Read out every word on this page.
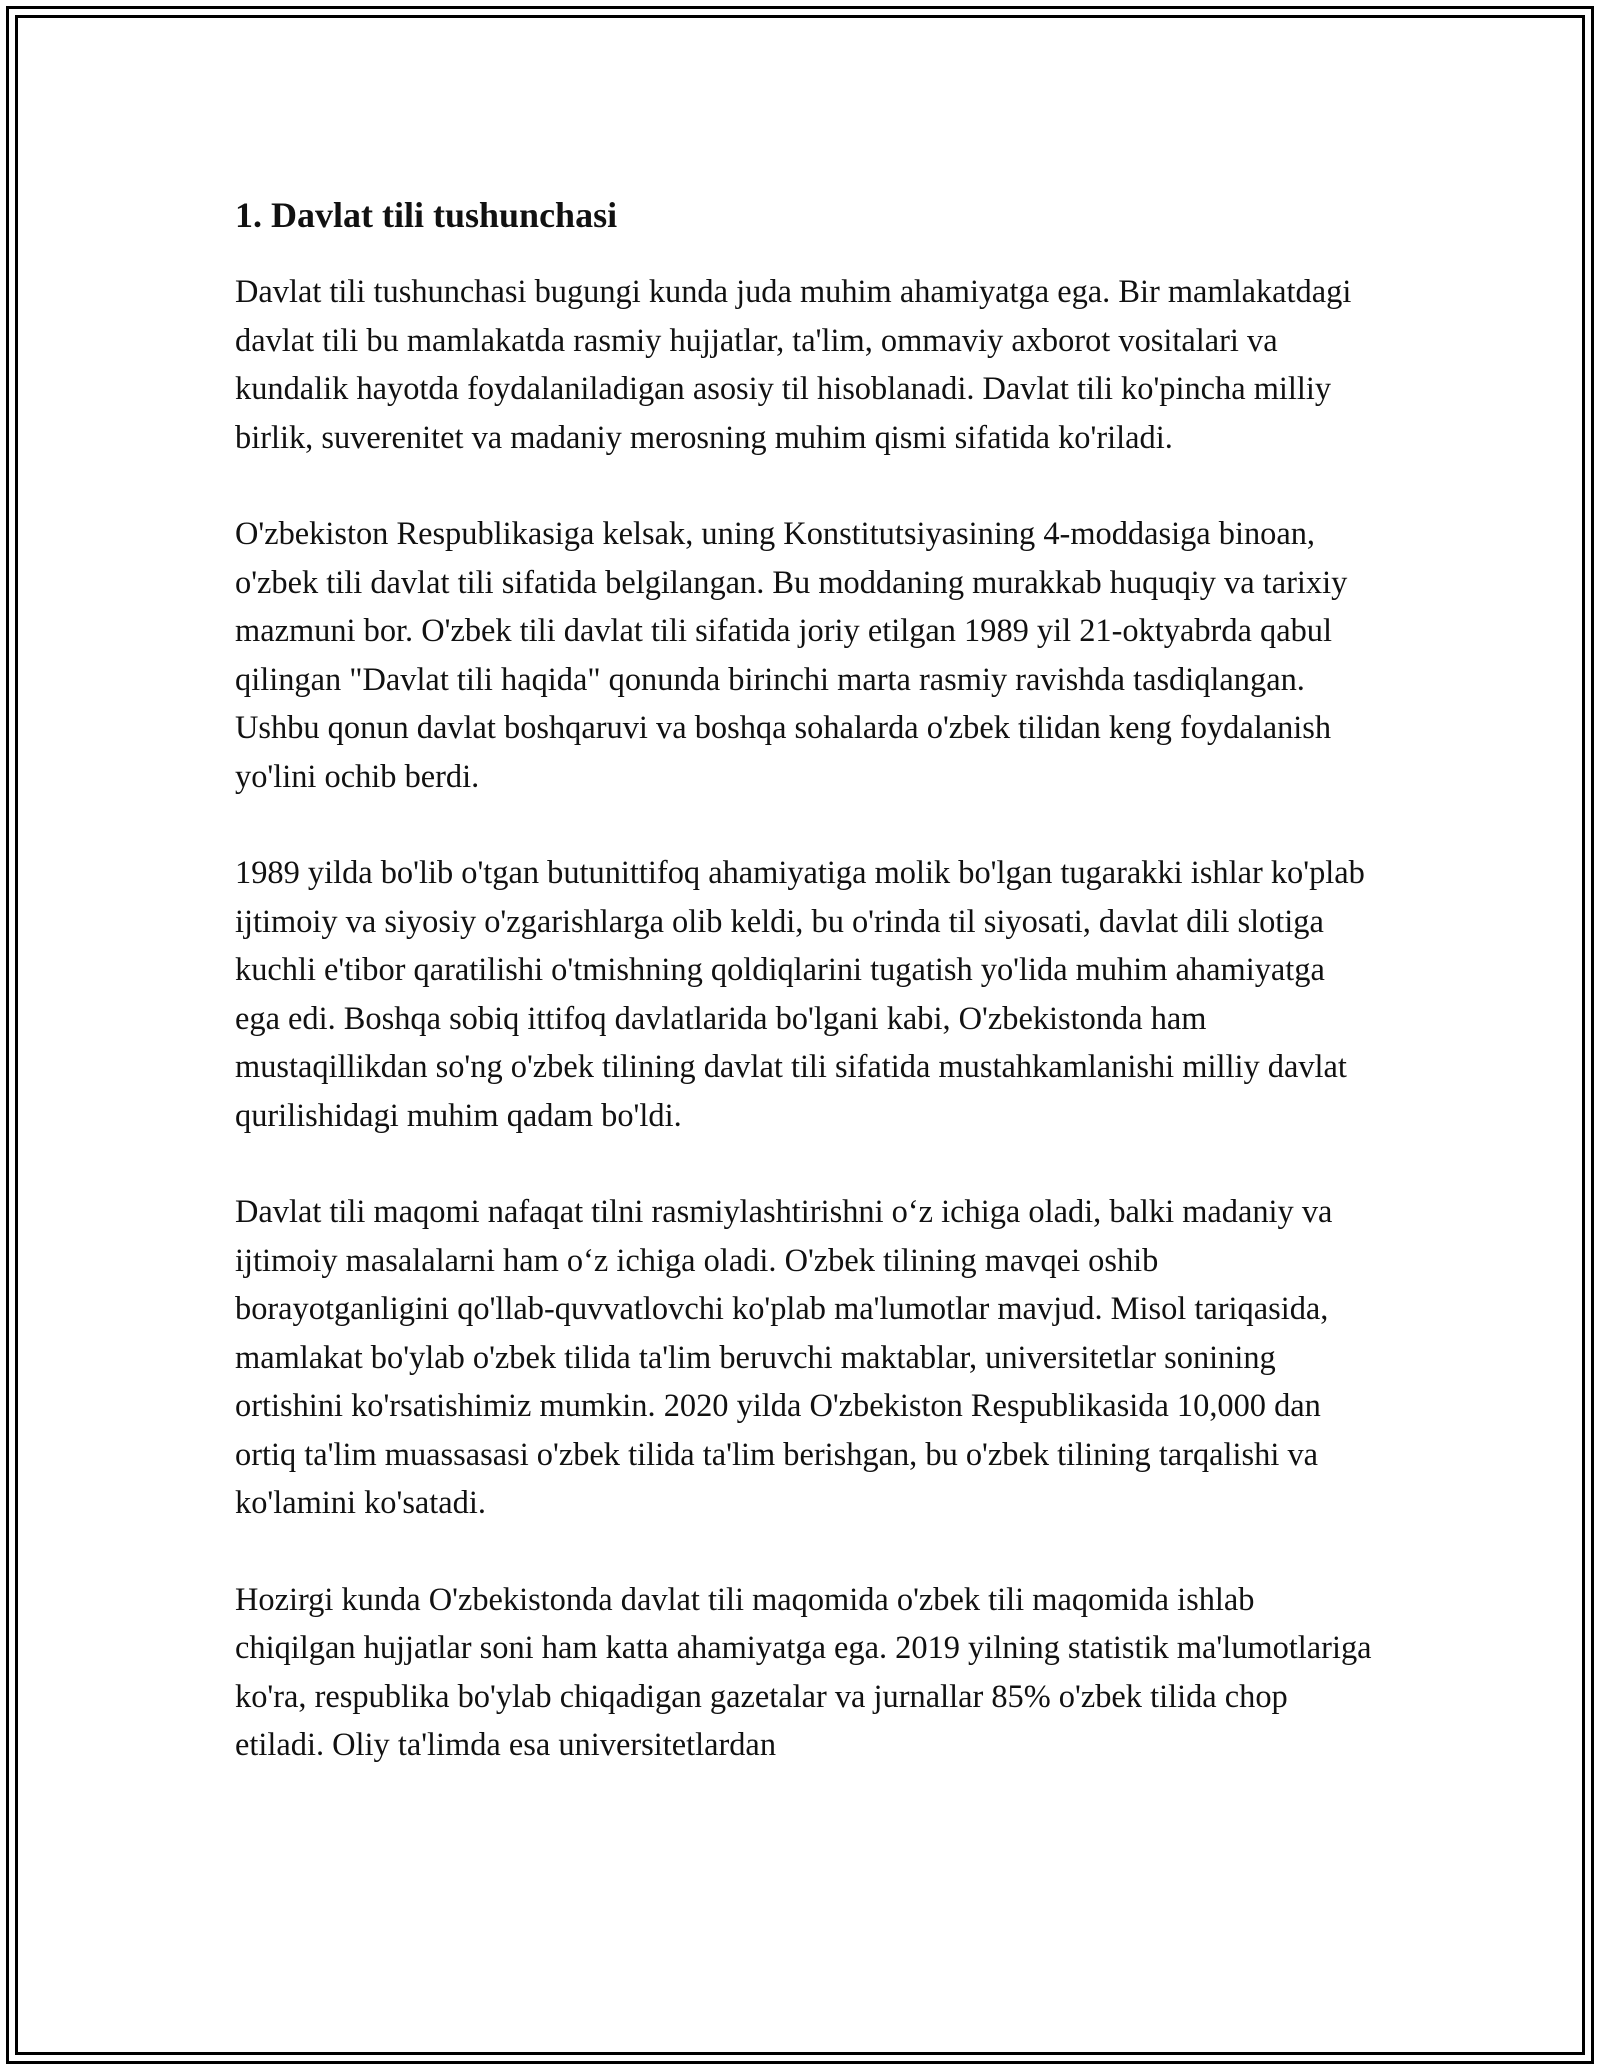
1. Davlat tili tushunchasi

Davlat tili tushunchasi bugungi kunda juda muhim ahamiyatga ega. Bir mamlakatdagi davlat tili bu mamlakatda rasmiy hujjatlar, ta'lim, ommaviy axborot vositalari va kundalik hayotda foydalaniladigan asosiy til hisoblanadi. Davlat tili ko'pincha milliy birlik, suverenitet va madaniy merosning muhim qismi sifatida ko'riladi.

O'zbekiston Respublikasiga kelsak, uning Konstitutsiyasining 4-moddasiga binoan, o'zbek tili davlat tili sifatida belgilangan. Bu moddaning murakkab huquqiy va tarixiy mazmuni bor. O'zbek tili davlat tili sifatida joriy etilgan 1989 yil 21-oktyabrda qabul qilingan "Davlat tili haqida" qonunda birinchi marta rasmiy ravishda tasdiqlangan. Ushbu qonun davlat boshqaruvi va boshqa sohalarda o'zbek tilidan keng foydalanish yo'lini ochib berdi.

1989 yilda bo'lib o'tgan butunittifoq ahamiyatiga molik bo'lgan tugarakki ishlar ko'plab ijtimoiy va siyosiy o'zgarishlarga olib keldi, bu o'rinda til siyosati, davlat dili slotiga kuchli e'tibor qaratilishi o'tmishning qoldiqlarini tugatish yo'lida muhim ahamiyatga ega edi. Boshqa sobiq ittifoq davlatlarida bo'lgani kabi, O'zbekistonda ham mustaqillikdan so'ng o'zbek tilining davlat tili sifatida mustahkamlanishi milliy davlat qurilishidagi muhim qadam bo'ldi.

Davlat tili maqomi nafaqat tilni rasmiylashtirishni o‘z ichiga oladi, balki madaniy va ijtimoiy masalalarni ham o‘z ichiga oladi. O'zbek tilining mavqei oshib borayotganligini qo'llab-quvvatlovchi ko'plab ma'lumotlar mavjud. Misol tariqasida, mamlakat bo'ylab o'zbek tilida ta'lim beruvchi maktablar, universitetlar sonining ortishini ko'rsatishimiz mumkin. 2020 yilda O'zbekiston Respublikasida 10,000 dan ortiq ta'lim muassasasi o'zbek tilida ta'lim berishgan, bu o'zbek tilining tarqalishi va ko'lamini ko'satadi.

Hozirgi kunda O'zbekistonda davlat tili maqomida o'zbek tili maqomida ishlab chiqilgan hujjatlar soni ham katta ahamiyatga ega. 2019 yilning statistik ma'lumotlariga ko'ra, respublika bo'ylab chiqadigan gazetalar va jurnallar 85% o'zbek tilida chop etiladi. Oliy ta'limda esa universitetlardan
